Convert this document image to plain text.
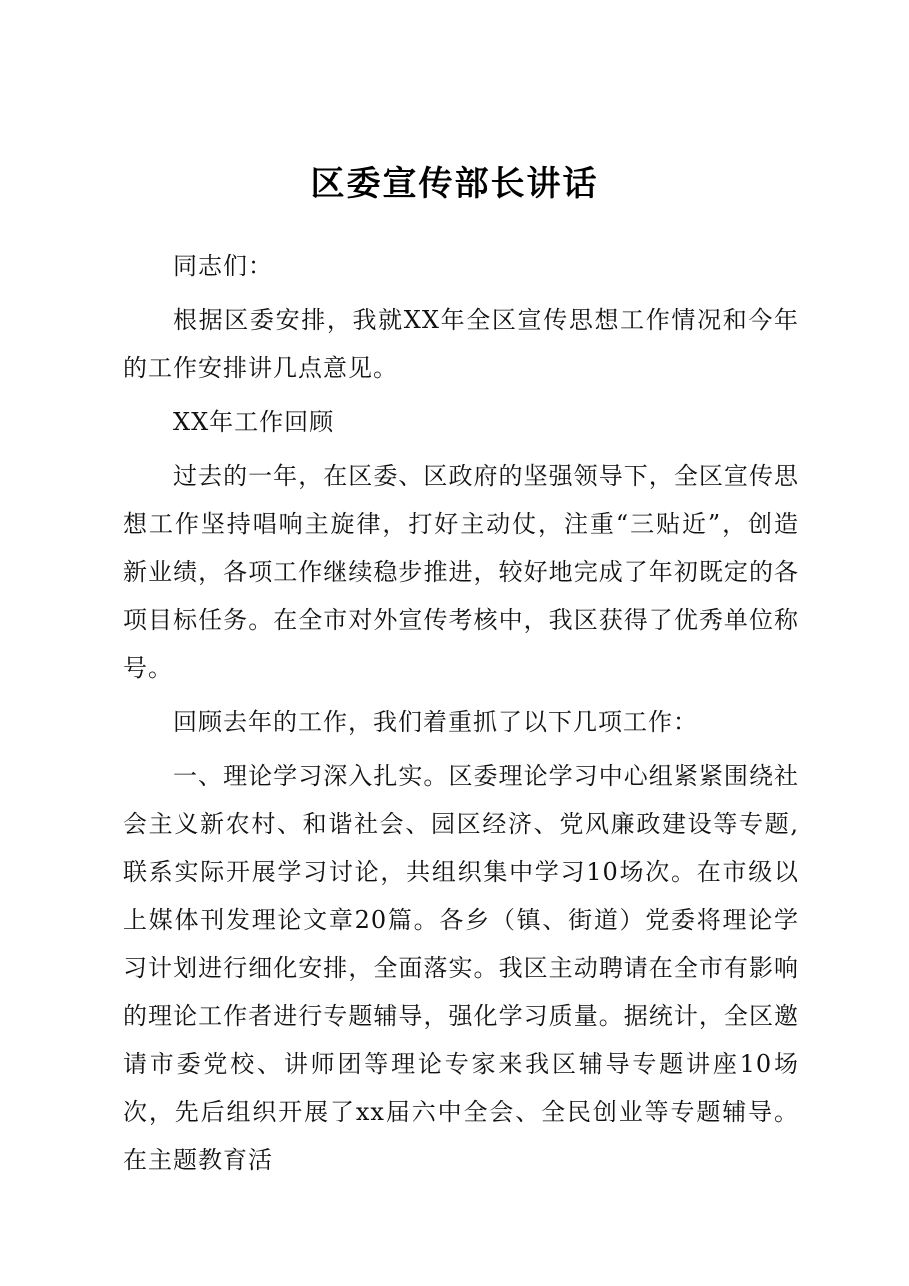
区委宣传部长讲话

同志们：

根据区委安排，我就XX年全区宣传思想工作情况和今年的工作安排讲几点意见。

XX年工作回顾

过去的一年，在区委、区政府的坚强领导下，全区宣传思想工作坚持唱响主旋律，打好主动仗，注重“三贴近”，创造新业绩，各项工作继续稳步推进，较好地完成了年初既定的各项目标任务。在全市对外宣传考核中，我区获得了优秀单位称号。

回顾去年的工作，我们着重抓了以下几项工作：

一、理论学习深入扎实。区委理论学习中心组紧紧围绕社会主义新农村、和谐社会、园区经济、党风廉政建设等专题,联系实际开展学习讨论，共组织集中学习10场次。在市级以上媒体刊发理论文章20篇。各乡（镇、街道）党委将理论学习计划进行细化安排，全面落实。我区主动聘请在全市有影响的理论工作者进行专题辅导，强化学习质量。据统计，全区邀请市委党校、讲师团等理论专家来我区辅导专题讲座10场次，先后组织开展了xx届六中全会、全民创业等专题辅导。在主题教育活
